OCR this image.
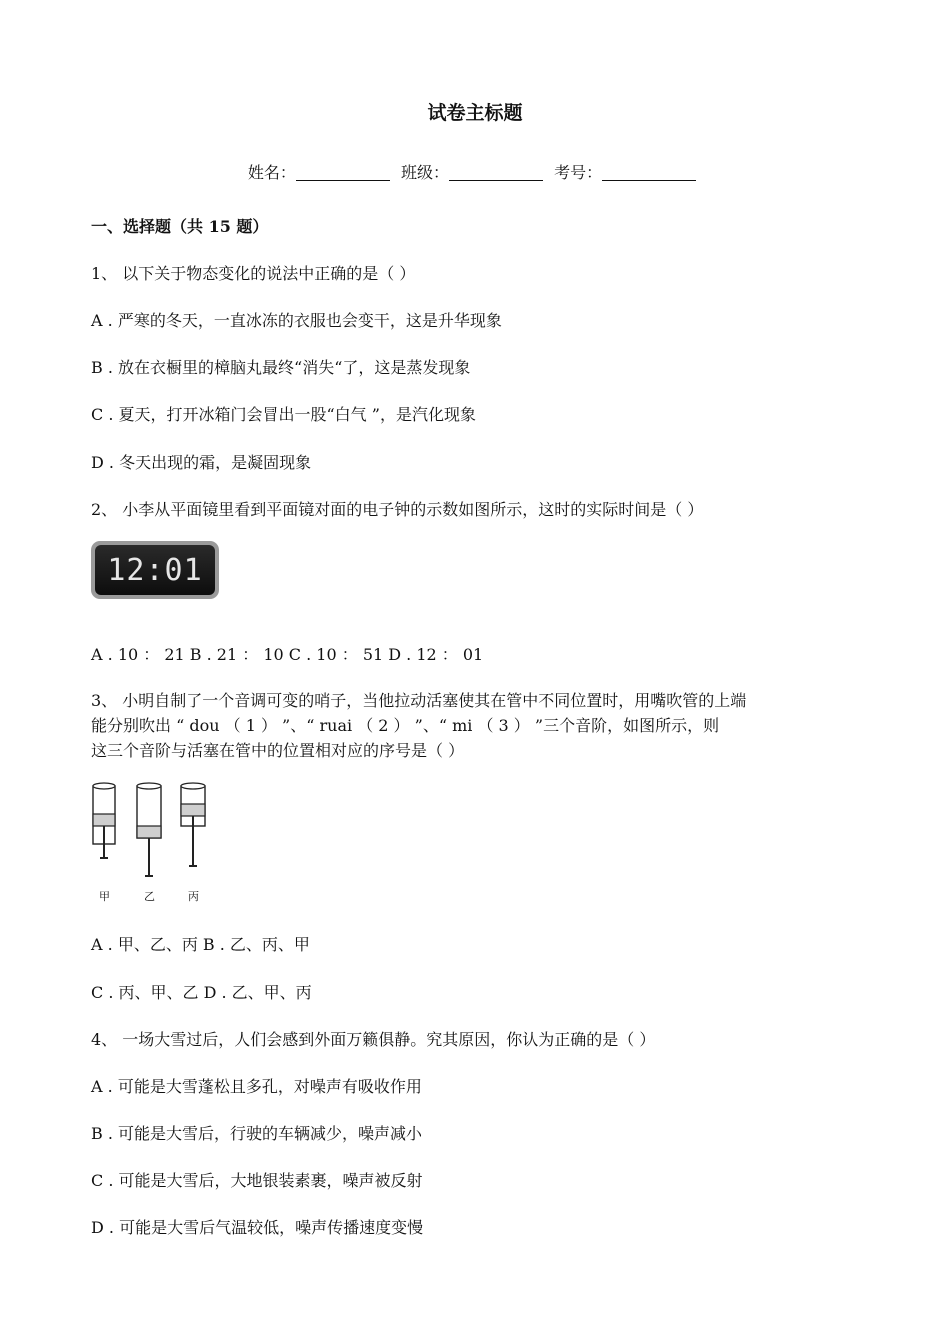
试卷主标题
姓名：	班级：	考号：
一、选择题（共 15 题）
1、 以下关于物态变化的说法中正确的是（ ）
A . 严寒的冬天，一直冰冻的衣服也会变干，这是升华现象
B . 放在衣橱里的樟脑丸最终“消失“了，这是蒸发现象
C . 夏天，打开冰箱门会冒出一股“白气 ”，是汽化现象
D . 冬天出现的霜，是凝固现象
2、 小李从平面镜里看到平面镜对面的电子钟的示数如图所示，这时的实际时间是（ ）
12:01
A . 10 ： 21 B . 21 ： 10 C . 10 ： 51 D . 12 ： 01
3、 小明自制了一个音调可变的哨子，当他拉动活塞使其在管中不同位置时，用嘴吹管的上端
能分别吹出 “ dou （ 1 ） ”、“ ruai （ 2 ） ”、“ mi （ 3 ） ”三个音阶，如图所示，则
这三个音阶与活塞在管中的位置相对应的序号是（ ）
甲	乙	丙
A . 甲、乙、丙 B . 乙、丙、甲
C . 丙、甲、乙 D . 乙、甲、丙
4、 一场大雪过后，人们会感到外面万籁俱静。究其原因，你认为正确的是（ ）
A . 可能是大雪蓬松且多孔，对噪声有吸收作用
B . 可能是大雪后，行驶的车辆减少，噪声减小
C . 可能是大雪后，大地银装素裹，噪声被反射
D . 可能是大雪后气温较低，噪声传播速度变慢
